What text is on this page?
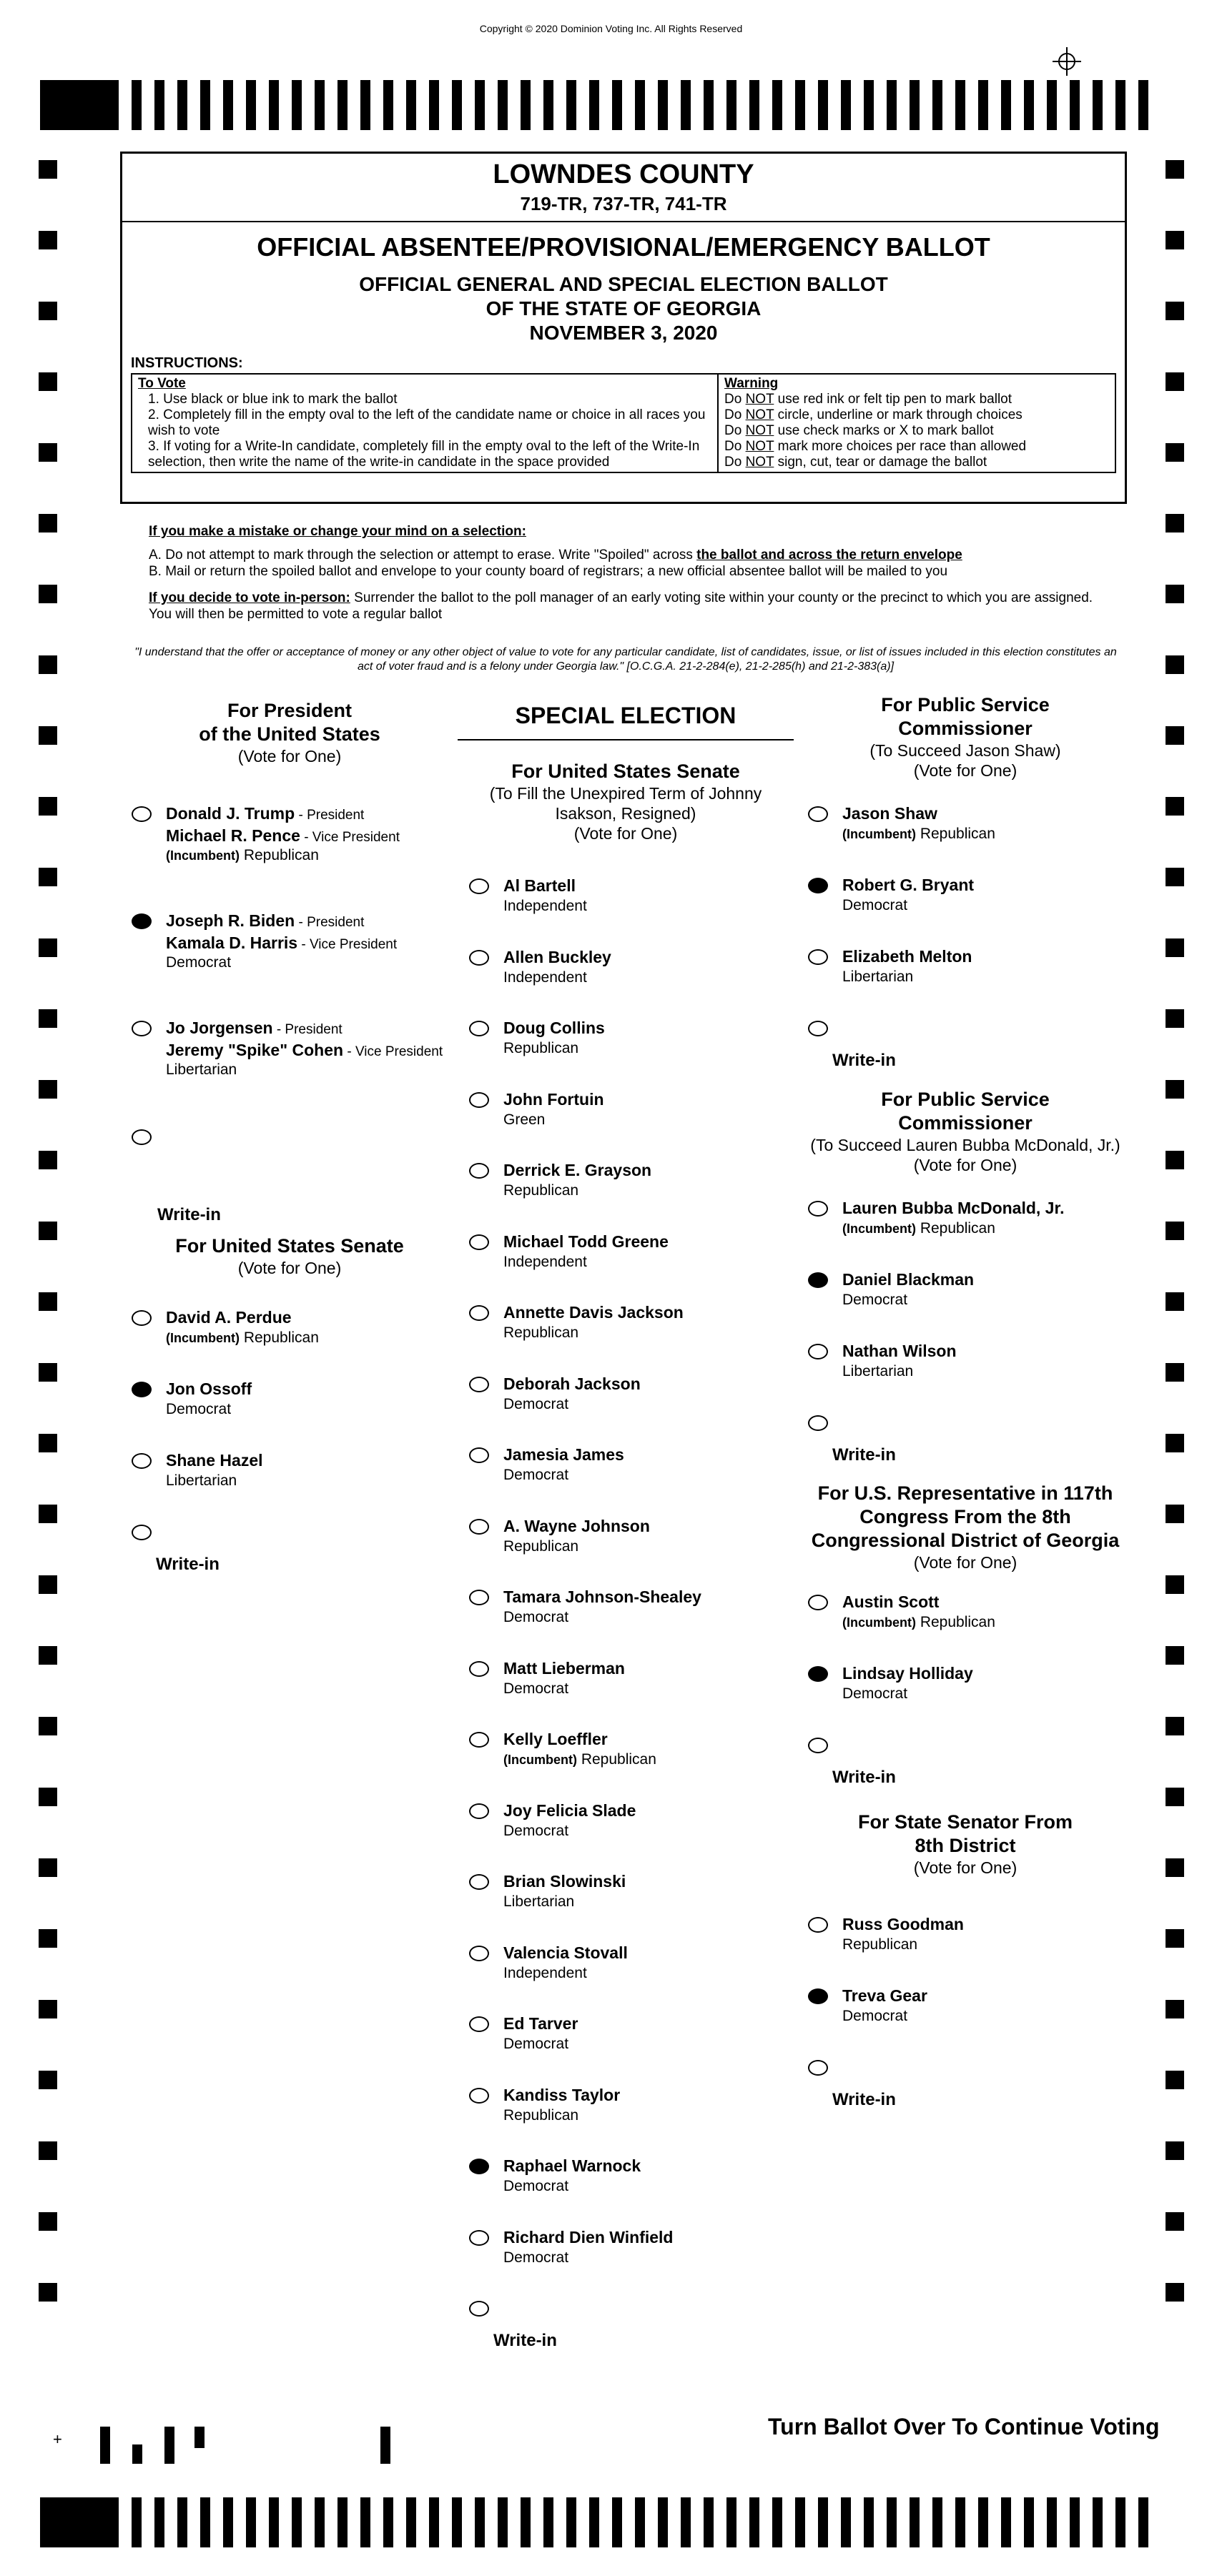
Copyright © 2020 Dominion Voting Inc. All Rights Reserved
LOWNDES COUNTY
719-TR, 737-TR, 741-TR
OFFICIAL ABSENTEE/PROVISIONAL/EMERGENCY BALLOT
OFFICIAL GENERAL AND SPECIAL ELECTION BALLOT
OF THE STATE OF GEORGIA
NOVEMBER 3, 2020
INSTRUCTIONS:
To Vote
1. Use black or blue ink to mark the ballot
2. Completely fill in the empty oval to the left of the candidate name or choice in all races you wish to vote
3. If voting for a Write-In candidate, completely fill in the empty oval to the left of the Write-In selection, then write the name of the write-in candidate in the space provided
Warning
Do NOT use red ink or felt tip pen to mark ballot
Do NOT circle, underline or mark through choices
Do NOT use check marks or X to mark ballot
Do NOT mark more choices per race than allowed
Do NOT sign, cut, tear or damage the ballot
If you make a mistake or change your mind on a selection:
A. Do not attempt to mark through the selection or attempt to erase. Write "Spoiled" across the ballot and across the return envelope
B. Mail or return the spoiled ballot and envelope to your county board of registrars; a new official absentee ballot will be mailed to you
If you decide to vote in-person: Surrender the ballot to the poll manager of an early voting site within your county or the precinct to which you are assigned. You will then be permitted to vote a regular ballot
"I understand that the offer or acceptance of money or any other object of value to vote for any particular candidate, list of candidates, issue, or list of issues included in this election constitutes an act of voter fraud and is a felony under Georgia law." [O.C.G.A. 21-2-284(e), 21-2-285(h) and 21-2-383(a)]
For President
of the United States
(Vote for One)
Donald J. Trump - President
Michael R. Pence - Vice President
(Incumbent) Republican
Joseph R. Biden - President
Kamala D. Harris - Vice President
Democrat
Jo Jorgensen - President
Jeremy "Spike" Cohen - Vice President
Libertarian
Write-in
For United States Senate
(Vote for One)
David A. Perdue
(Incumbent) Republican
Jon Ossoff
Democrat
Shane Hazel
Libertarian
Write-in
SPECIAL ELECTION
For United States Senate
(To Fill the Unexpired Term of Johnny
Isakson, Resigned)
(Vote for One)
Al Bartell
Independent
Allen Buckley
Independent
Doug Collins
Republican
John Fortuin
Green
Derrick E. Grayson
Republican
Michael Todd Greene
Independent
Annette Davis Jackson
Republican
Deborah Jackson
Democrat
Jamesia James
Democrat
A. Wayne Johnson
Republican
Tamara Johnson-Shealey
Democrat
Matt Lieberman
Democrat
Kelly Loeffler
(Incumbent) Republican
Joy Felicia Slade
Democrat
Brian Slowinski
Libertarian
Valencia Stovall
Independent
Ed Tarver
Democrat
Kandiss Taylor
Republican
Raphael Warnock
Democrat
Richard Dien Winfield
Democrat
Write-in
For Public Service
Commissioner
(To Succeed Jason Shaw)
(Vote for One)
Jason Shaw
(Incumbent) Republican
Robert G. Bryant
Democrat
Elizabeth Melton
Libertarian
Write-in
For Public Service
Commissioner
(To Succeed Lauren Bubba McDonald, Jr.)
(Vote for One)
Lauren Bubba McDonald, Jr.
(Incumbent) Republican
Daniel Blackman
Democrat
Nathan Wilson
Libertarian
Write-in
For U.S. Representative in 117th
Congress From the 8th
Congressional District of Georgia
(Vote for One)
Austin Scott
(Incumbent) Republican
Lindsay Holliday
Democrat
Write-in
For State Senator From
8th District
(Vote for One)
Russ Goodman
Republican
Treva Gear
Democrat
Write-in
+	Turn Ballot Over To Continue Voting
